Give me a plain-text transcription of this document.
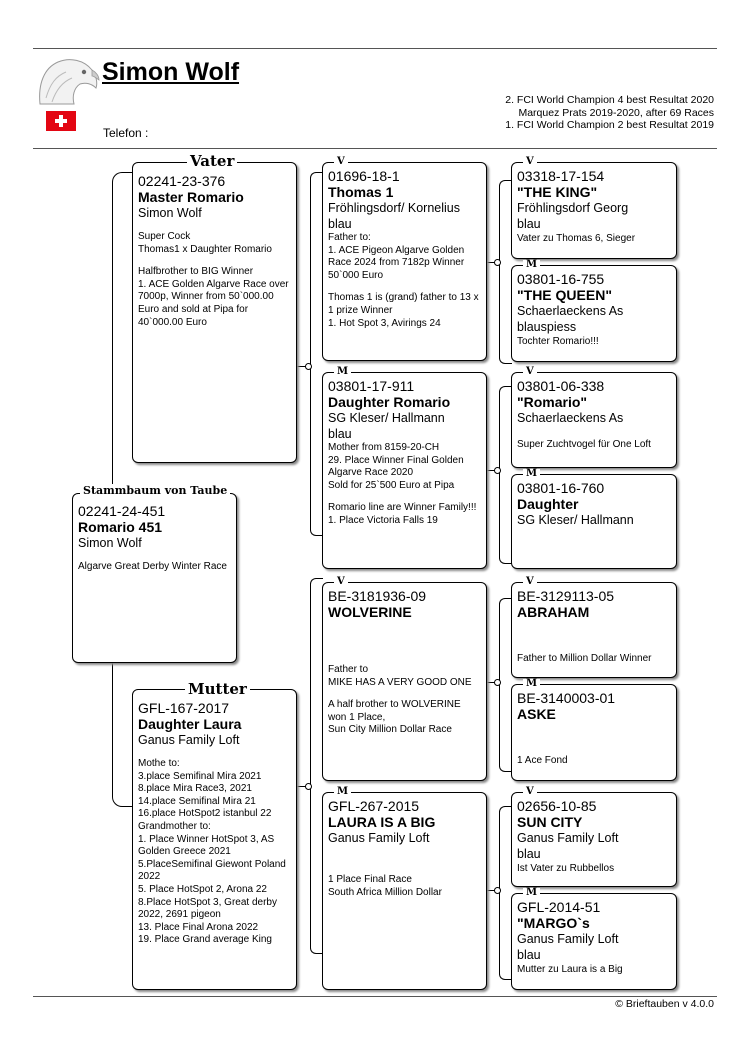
Simon Wolf
Telefon :
2. FCI World Champion 4 best Resultat 2020
Marquez Prats 2019-2020, after 69 Races
1. FCI World Champion 2 best Resultat 2019
02241-24-451
Romario 451
Simon Wolf
Algarve Great Derby Winter Race
Stammbaum von Taube
02241-23-376
Master Romario
Simon Wolf
Super Cock
Thomas1 x Daughter Romario
Halfbrother to BIG Winner
1. ACE Golden Algarve Race over 7000p, Winner from 50`000.00 Euro and sold at Pipa for 40`000.00 Euro
Vater
GFL-167-2017
Daughter Laura
Ganus Family Loft
Mothe to:
3.place Semifinal Mira 2021
8.place Mira Race3, 2021
14.place Semifinal Mira 21
16.place HotSpot2 istanbul 22
Grandmother to:
1. Place Winner HotSpot 3, AS Golden Greece 2021
5.PlaceSemifinal Giewont Poland 2022
5. Place HotSpot 2, Arona 22
8.Place HotSpot 3, Great derby 2022, 2691 pigeon
13. Place Final Arona 2022
19. Place Grand average King
Mutter
01696-18-1
Thomas 1
Fröhlingsdorf/ Kornelius
blau
Father to:
1. ACE Pigeon Algarve Golden Race 2024 from 7182p Winner 50`000 Euro
Thomas 1 is (grand) father to 13 x 1 prize Winner
1. Hot Spot 3, Avirings 24
V
03801-17-911
Daughter Romario
SG Kleser/ Hallmann
blau
Mother from 8159-20-CH
29. Place Winner Final Golden Algarve Race 2020
Sold for 25`500 Euro at Pipa
Romario line are Winner Family!!!
1. Place Victoria Falls 19
M
BE-3181936-09
WOLVERINE
Father to
MIKE HAS A VERY GOOD ONE
A half brother to WOLVERINE won 1 Place,
Sun City Million Dollar Race
V
GFL-267-2015
LAURA IS A BIG
Ganus Family Loft
1 Place Final Race
South Africa Million Dollar
M
03318-17-154
"THE KING"
Fröhlingsdorf Georg
blau
Vater zu Thomas 6, Sieger
V
03801-16-755
"THE QUEEN"
Schaerlaeckens As
blauspiess
Tochter Romario!!!
M
03801-06-338
"Romario"
Schaerlaeckens As
Super Zuchtvogel für One Loft
V
03801-16-760
Daughter
SG Kleser/ Hallmann
M
BE-3129113-05
ABRAHAM
Father to Million Dollar Winner
V
BE-3140003-01
ASKE
1 Ace Fond
M
02656-10-85
SUN CITY
Ganus Family Loft
blau
Ist Vater zu Rubbellos
V
GFL-2014-51
"MARGO`s
Ganus Family Loft
blau
Mutter zu Laura is a Big
M
© Brieftauben v 4.0.0
